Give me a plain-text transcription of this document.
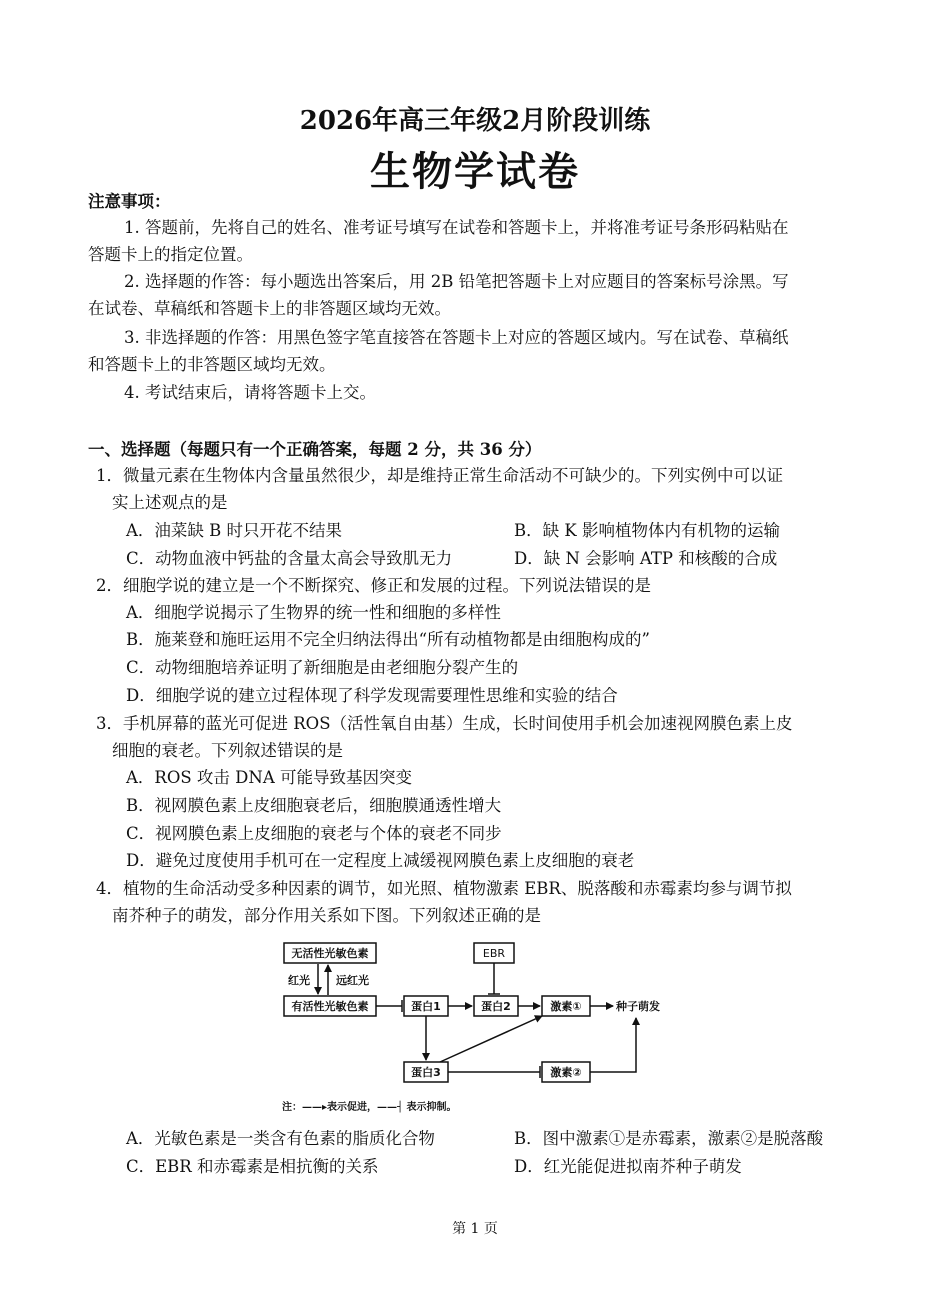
2026年高三年级2月阶段训练
生物学试卷
注意事项：
1. 答题前，先将自己的姓名、准考证号填写在试卷和答题卡上，并将准考证号条形码粘贴在
答题卡上的指定位置。
2. 选择题的作答：每小题选出答案后，用 2B 铅笔把答题卡上对应题目的答案标号涂黑。写
在试卷、草稿纸和答题卡上的非答题区域均无效。
3. 非选择题的作答：用黑色签字笔直接答在答题卡上对应的答题区域内。写在试卷、草稿纸
和答题卡上的非答题区域均无效。
4. 考试结束后，请将答题卡上交。
一、选择题（每题只有一个正确答案，每题 2 分，共 36 分）
1．微量元素在生物体内含量虽然很少，却是维持正常生命活动不可缺少的。下列实例中可以证
实上述观点的是
A．油菜缺 B 时只开花不结果	B．缺 K 影响植物体内有机物的运输
C．动物血液中钙盐的含量太高会导致肌无力	D．缺 N 会影响 ATP 和核酸的合成
2．细胞学说的建立是一个不断探究、修正和发展的过程。下列说法错误的是
A．细胞学说揭示了生物界的统一性和细胞的多样性
B．施莱登和施旺运用不完全归纳法得出“所有动植物都是由细胞构成的”
C．动物细胞培养证明了新细胞是由老细胞分裂产生的
D．细胞学说的建立过程体现了科学发现需要理性思维和实验的结合
3．手机屏幕的蓝光可促进 ROS（活性氧自由基）生成，长时间使用手机会加速视网膜色素上皮
细胞的衰老。下列叙述错误的是
A．ROS 攻击 DNA 可能导致基因突变
B．视网膜色素上皮细胞衰老后，细胞膜通透性增大
C．视网膜色素上皮细胞的衰老与个体的衰老不同步
D．避免过度使用手机可在一定程度上减缓视网膜色素上皮细胞的衰老
4．植物的生命活动受多种因素的调节，如光照、植物激素 EBR、脱落酸和赤霉素均参与调节拟
南芥种子的萌发，部分作用关系如下图。下列叙述正确的是
无活性光敏色素	EBR
有活性光敏色素	蛋白1	蛋白2	激素①	种子萌发
蛋白3	激素②
红光 远红光
注：——▸表示促进，——┤ 表示抑制。
A．光敏色素是一类含有色素的脂质化合物	B．图中激素①是赤霉素，激素②是脱落酸
C．EBR 和赤霉素是相抗衡的关系	D．红光能促进拟南芥种子萌发
第 1 页
